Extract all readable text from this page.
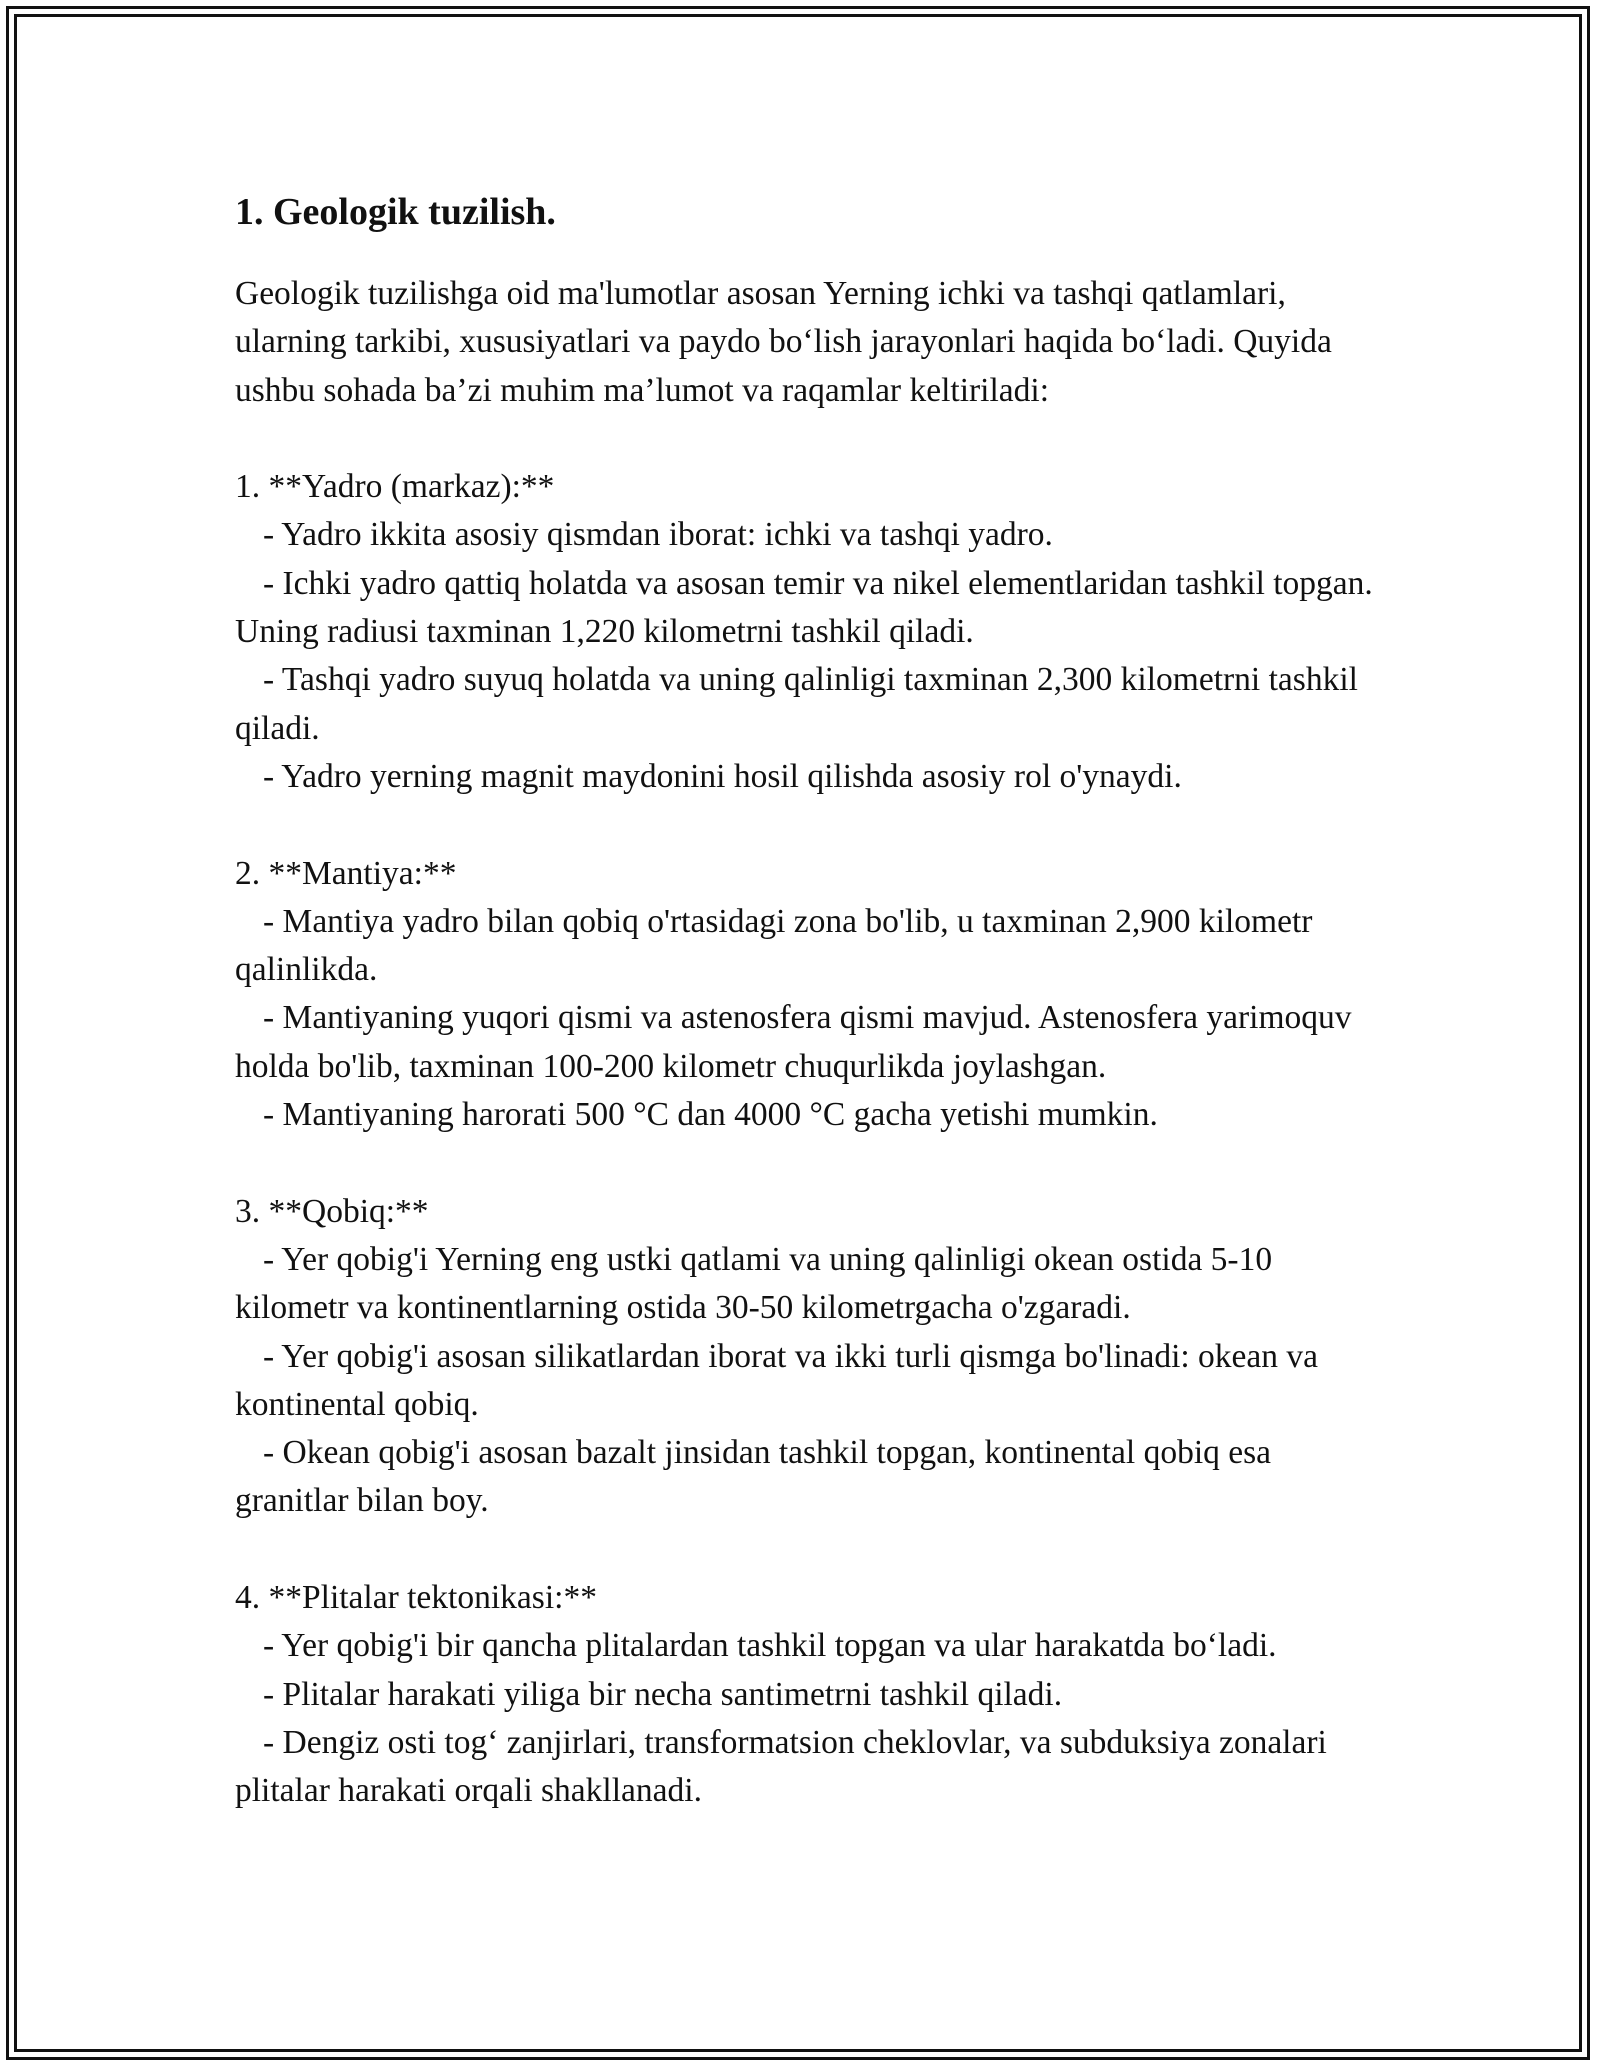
1. Geologik tuzilish.

Geologik tuzilishga oid ma'lumotlar asosan Yerning ichki va tashqi qatlamlari, ularning tarkibi, xususiyatlari va paydo bo‘lish jarayonlari haqida bo‘ladi. Quyida ushbu sohada ba’zi muhim ma’lumot va raqamlar keltiriladi:

1. **Yadro (markaz):**

- Yadro ikkita asosiy qismdan iborat: ichki va tashqi yadro.

- Ichki yadro qattiq holatda va asosan temir va nikel elementlaridan tashkil topgan. Uning radiusi taxminan 1,220 kilometrni tashkil qiladi.

- Tashqi yadro suyuq holatda va uning qalinligi taxminan 2,300 kilometrni tashkil qiladi.

- Yadro yerning magnit maydonini hosil qilishda asosiy rol o'ynaydi.

2. **Mantiya:**

- Mantiya yadro bilan qobiq o'rtasidagi zona bo'lib, u taxminan 2,900 kilometr qalinlikda.

- Mantiyaning yuqori qismi va astenosfera qismi mavjud. Astenosfera yarimoquv holda bo'lib, taxminan 100-200 kilometr chuqurlikda joylashgan.

- Mantiyaning harorati 500 °C dan 4000 °C gacha yetishi mumkin.

3. **Qobiq:**

- Yer qobig'i Yerning eng ustki qatlami va uning qalinligi okean ostida 5-10 kilometr va kontinentlarning ostida 30-50 kilometrgacha o'zgaradi.

- Yer qobig'i asosan silikatlardan iborat va ikki turli qismga bo'linadi: okean va kontinental qobiq.

- Okean qobig'i asosan bazalt jinsidan tashkil topgan, kontinental qobiq esa granitlar bilan boy.

4. **Plitalar tektonikasi:**

- Yer qobig'i bir qancha plitalardan tashkil topgan va ular harakatda bo‘ladi.

- Plitalar harakati yiliga bir necha santimetrni tashkil qiladi.

- Dengiz osti tog‘ zanjirlari, transformatsion cheklovlar, va subduksiya zonalari plitalar harakati orqali shakllanadi.
